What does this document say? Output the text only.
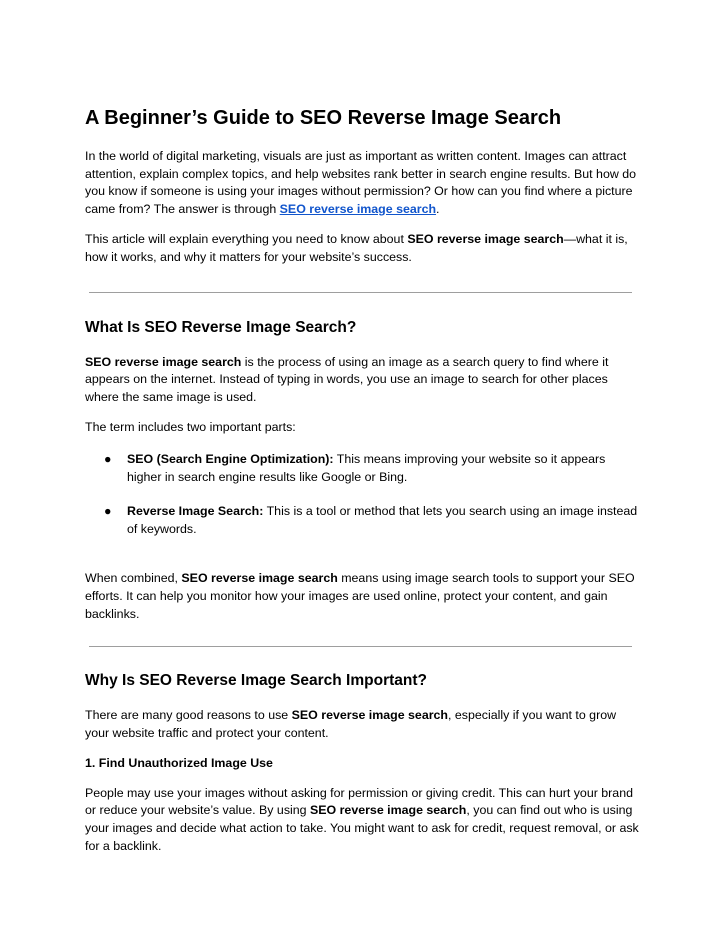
A Beginner’s Guide to SEO Reverse Image Search

In the world of digital marketing, visuals are just as important as written content. Images can attract attention, explain complex topics, and help websites rank better in search engine results. But how do you know if someone is using your images without permission? Or how can you find where a picture came from? The answer is through SEO reverse image search.

This article will explain everything you need to know about SEO reverse image search—what it is, how it works, and why it matters for your website’s success.

What Is SEO Reverse Image Search?

SEO reverse image search is the process of using an image as a search query to find where it appears on the internet. Instead of typing in words, you use an image to search for other places where the same image is used.

The term includes two important parts:

● SEO (Search Engine Optimization): This means improving your website so it appears higher in search engine results like Google or Bing.
● Reverse Image Search: This is a tool or method that lets you search using an image instead of keywords.

When combined, SEO reverse image search means using image search tools to support your SEO efforts. It can help you monitor how your images are used online, protect your content, and gain backlinks.

Why Is SEO Reverse Image Search Important?

There are many good reasons to use SEO reverse image search, especially if you want to grow your website traffic and protect your content.

1. Find Unauthorized Image Use

People may use your images without asking for permission or giving credit. This can hurt your brand or reduce your website’s value. By using SEO reverse image search, you can find out who is using your images and decide what action to take. You might want to ask for credit, request removal, or ask for a backlink.
